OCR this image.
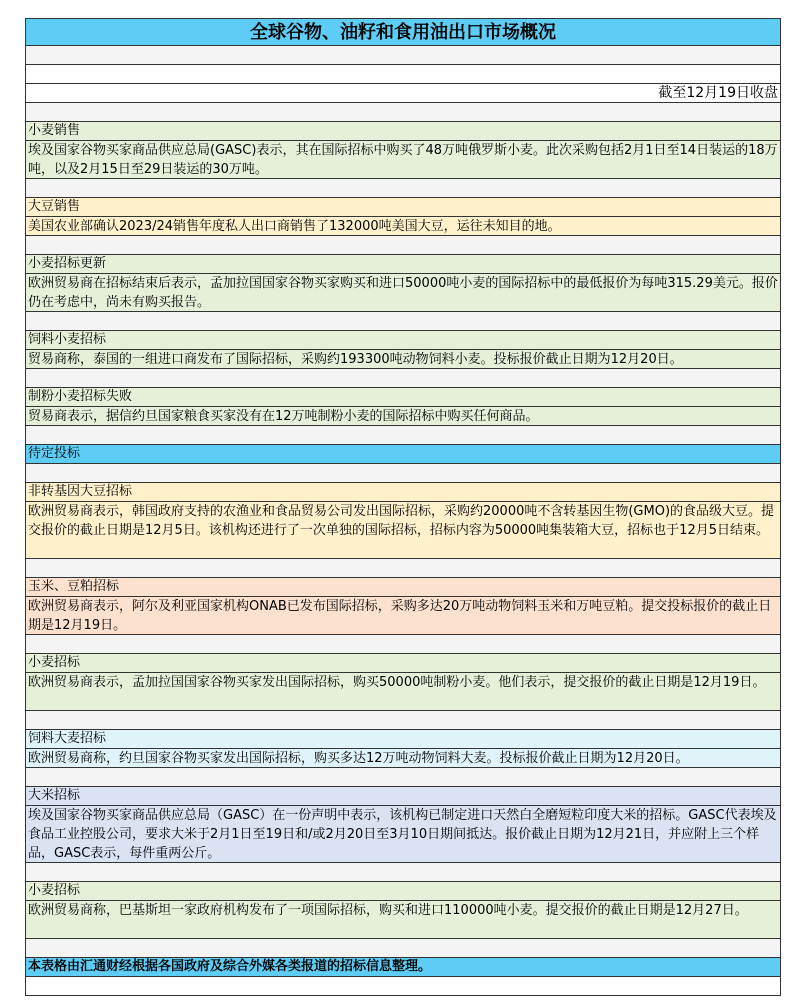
全球谷物、油籽和食用油出口市场概况
截至12月19日收盘
小麦销售
埃及国家谷物买家商品供应总局(GASC)表示，其在国际招标中购买了48万吨俄罗斯小麦。此次采购包括2月1日至14日装运的18万吨，以及2月15日至29日装运的30万吨。
大豆销售
美国农业部确认2023/24销售年度私人出口商销售了132000吨美国大豆，运往未知目的地。
小麦招标更新
欧洲贸易商在招标结束后表示，孟加拉国国家谷物买家购买和进口50000吨小麦的国际招标中的最低报价为每吨315.29美元。报价仍在考虑中，尚未有购买报告。
饲料小麦招标
贸易商称，泰国的一组进口商发布了国际招标，采购约193300吨动物饲料小麦。投标报价截止日期为12月20日。
制粉小麦招标失败
贸易商表示，据信约旦国家粮食买家没有在12万吨制粉小麦的国际招标中购买任何商品。
待定投标
非转基因大豆招标
欧洲贸易商表示，韩国政府支持的农渔业和食品贸易公司发出国际招标，采购约20000吨不含转基因生物(GMO)的食品级大豆。提交报价的截止日期是12月5日。该机构还进行了一次单独的国际招标，招标内容为50000吨集装箱大豆，招标也于12月5日结束。
玉米、豆粕招标
欧洲贸易商表示，阿尔及利亚国家机构ONAB已发布国际招标，采购多达20万吨动物饲料玉米和万吨豆粕。提交投标报价的截止日期是12月19日。
小麦招标
欧洲贸易商表示，孟加拉国国家谷物买家发出国际招标，购买50000吨制粉小麦。他们表示，提交报价的截止日期是12月19日。
饲料大麦招标
欧洲贸易商称，约旦国家谷物买家发出国际招标，购买多达12万吨动物饲料大麦。投标报价截止日期为12月20日。
大米招标
埃及国家谷物买家商品供应总局（GASC）在一份声明中表示，该机构已制定进口天然白全磨短粒印度大米的招标。GASC代表埃及食品工业控股公司，要求大米于2月1日至19日和/或2月20日至3月10日期间抵达。报价截止日期为12月21日，并应附上三个样品，GASC表示，每件重两公斤。
小麦招标
欧洲贸易商称，巴基斯坦一家政府机构发布了一项国际招标，购买和进口110000吨小麦。提交报价的截止日期是12月27日。
本表格由汇通财经根据各国政府及综合外媒各类报道的招标信息整理。
